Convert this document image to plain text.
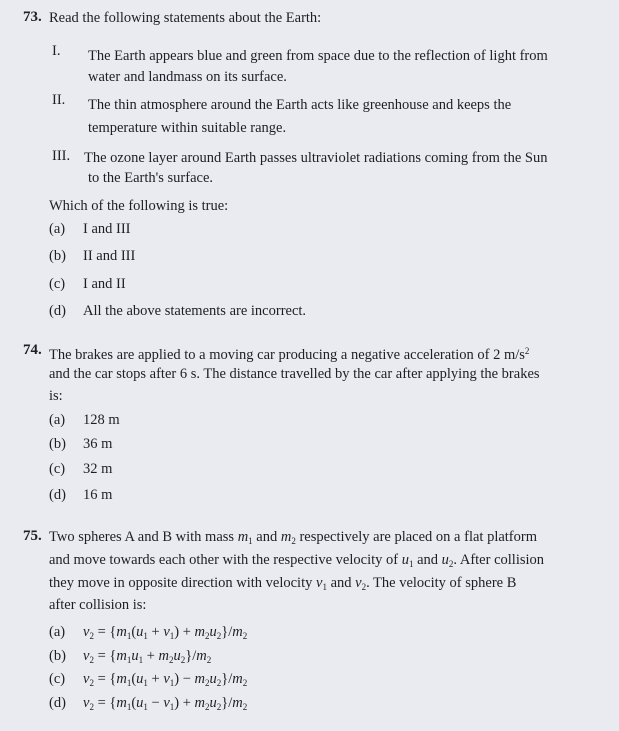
73. Read the following statements about the Earth:
I. The Earth appears blue and green from space due to the reflection of light from
water and landmass on its surface.
II. The thin atmosphere around the Earth acts like greenhouse and keeps the
temperature within suitable range.
III. The ozone layer around Earth passes ultraviolet radiations coming from the Sun
to the Earth's surface.
Which of the following is true:
(a) I and III
(b) II and III
(c) I and II
(d) All the above statements are incorrect.
74. The brakes are applied to a moving car producing a negative acceleration of 2 $m/s^2$
and the car stops after 6 s. The distance travelled by the car after applying the brakes
is:
(a) 128 m
(b) 36 m
(c) 32 m
(d) 16 m
75. Two spheres A and B with mass $m_1$ and $m_2$ respectively are placed on a flat platform
and move towards each other with the respective velocity of $u_1$ and $u_2$. After collision
they move in opposite direction with velocity $v_1$ and $v_2$. The velocity of sphere B
after collision is:
(a) $v_2 = \{m_1(u_1 + v_1) + m_2u_2\}/m_2$
(b) $v_2 = \{m_1u_1 + m_2u_2\}/m_2$
(c) $v_2 = \{m_1(u_1 + v_1) - m_2u_2\}/m_2$
(d) $v_2 = \{m_1(u_1 - v_1) + m_2u_2\}/m_2$
